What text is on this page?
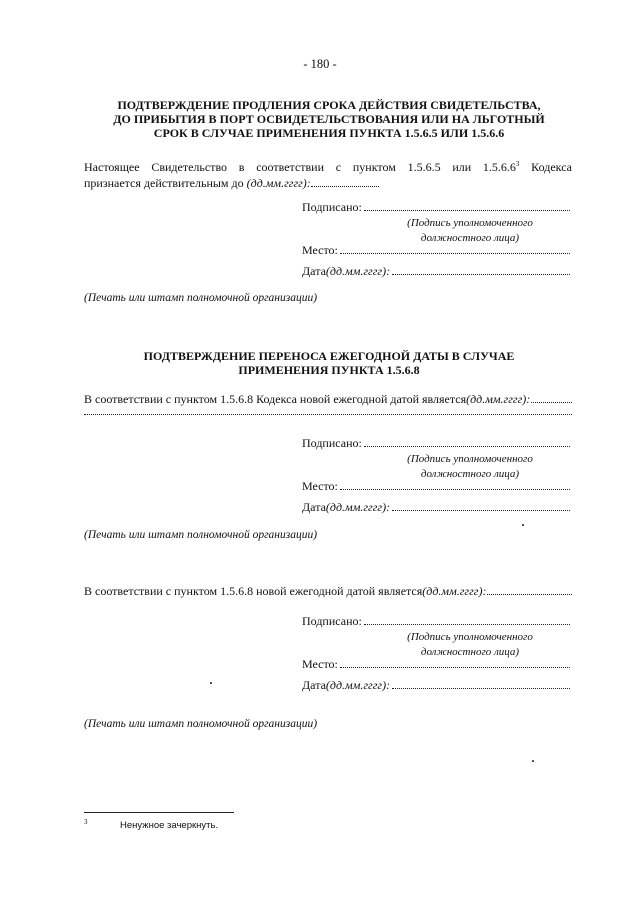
- 180 -
ПОДТВЕРЖДЕНИЕ ПРОДЛЕНИЯ СРОКА ДЕЙСТВИЯ СВИДЕТЕЛЬСТВА,
ДО ПРИБЫТИЯ В ПОРТ ОСВИДЕТЕЛЬСТВОВАНИЯ ИЛИ НА ЛЬГОТНЫЙ
СРОК В СЛУЧАЕ ПРИМЕНЕНИЯ ПУНКТА 1.5.6.5 ИЛИ 1.5.6.6
Настоящее Свидетельство в соответствии с пунктом 1.5.6.5 или 1.5.6.6$^3$ Кодекса
признается действительным до (дд.мм.гггг):
Подписано:
(Подпись уполномоченного
должностного лица)
Место:
Дата (дд.мм.гггг):
(Печать или штамп полномочной организации)
ПОДТВЕРЖДЕНИЕ ПЕРЕНОСА ЕЖЕГОДНОЙ ДАТЫ В СЛУЧАЕ
ПРИМЕНЕНИЯ ПУНКТА 1.5.6.8
В соответствии с пунктом 1.5.6.8 Кодекса новой ежегодной датой является (дд.мм.гггг):
Подписано:
(Подпись уполномоченного
должностного лица)
Место:
Дата (дд.мм.гггг):
(Печать или штамп полномочной организации)
В соответствии с пунктом 1.5.6.8 новой ежегодной датой является (дд.мм.гггг):
Подписано:
(Подпись уполномоченного
должностного лица)
Место:
Дата (дд.мм.гггг):
(Печать или штамп полномочной организации)
3	Ненужное зачеркнуть.
